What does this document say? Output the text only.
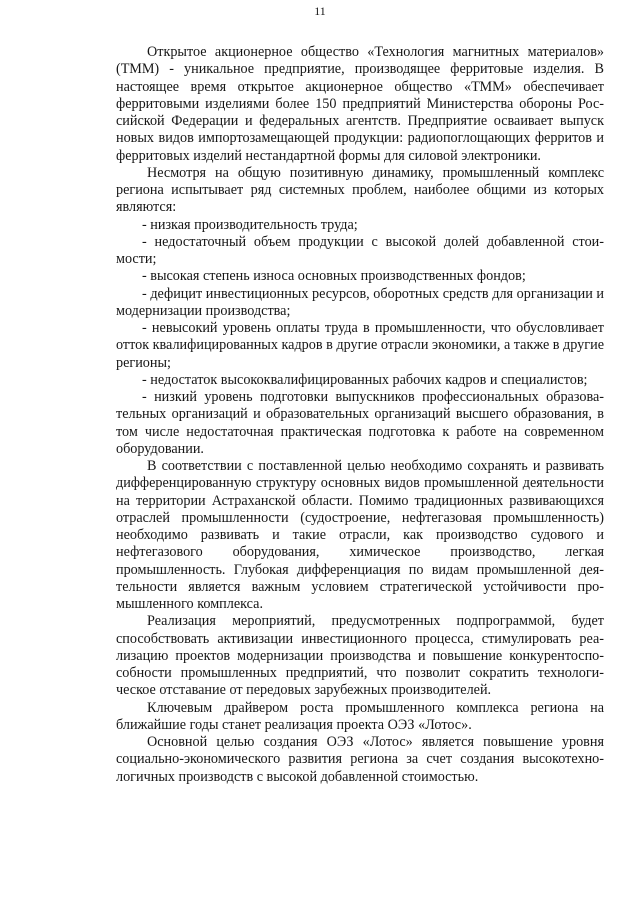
11

Открытое акционерное общество «Технология магнитных материалов» (ТММ) - уникальное предприятие, производящее ферритовые изделия. В настоящее время открытое акционерное общество «ТММ» обеспечивает ферритовыми изделиями более 150 предприятий Министерства обороны Российской Федерации и федеральных агентств. Предприятие осваивает выпуск новых видов импортозамещающей продукции: радиопоглощающих ферритов и ферритовых изделий нестандартной формы для силовой электроники.

Несмотря на общую позитивную динамику, промышленный комплекс региона испытывает ряд системных проблем, наиболее общими из которых являются:

- низкая производительность труда;

- недостаточный объем продукции с высокой долей добавленной стоимости;

- высокая степень износа основных производственных фондов;

- дефицит инвестиционных ресурсов, оборотных средств для организации и модернизации производства;

- невысокий уровень оплаты труда в промышленности, что обусловливает отток квалифицированных кадров в другие отрасли экономики, а также в другие регионы;

- недостаток высококвалифицированных рабочих кадров и специалистов;

- низкий уровень подготовки выпускников профессиональных образовательных организаций и образовательных организаций высшего образования, в том числе недостаточная практическая подготовка к работе на современном оборудовании.

В соответствии с поставленной целью необходимо сохранять и развивать дифференцированную структуру основных видов промышленной деятельности на территории Астраханской области. Помимо традиционных развивающихся отраслей промышленности (судостроение, нефтегазовая промышленность) необходимо развивать и такие отрасли, как производство судового и нефтегазового оборудования, химическое производство, легкая промышленность. Глубокая дифференциация по видам промышленной деятельности является важным условием стратегической устойчивости промышленного комплекса.

Реализация мероприятий, предусмотренных подпрограммой, будет способствовать активизации инвестиционного процесса, стимулировать реализацию проектов модернизации производства и повышение конкурентоспособности промышленных предприятий, что позволит сократить технологическое отставание от передовых зарубежных производителей.

Ключевым драйвером роста промышленного комплекса региона на ближайшие годы станет реализация проекта ОЭЗ «Лотос».

Основной целью создания ОЭЗ «Лотос» является повышение уровня социально-экономического развития региона за счет создания высокотехнологичных производств с высокой добавленной стоимостью.
